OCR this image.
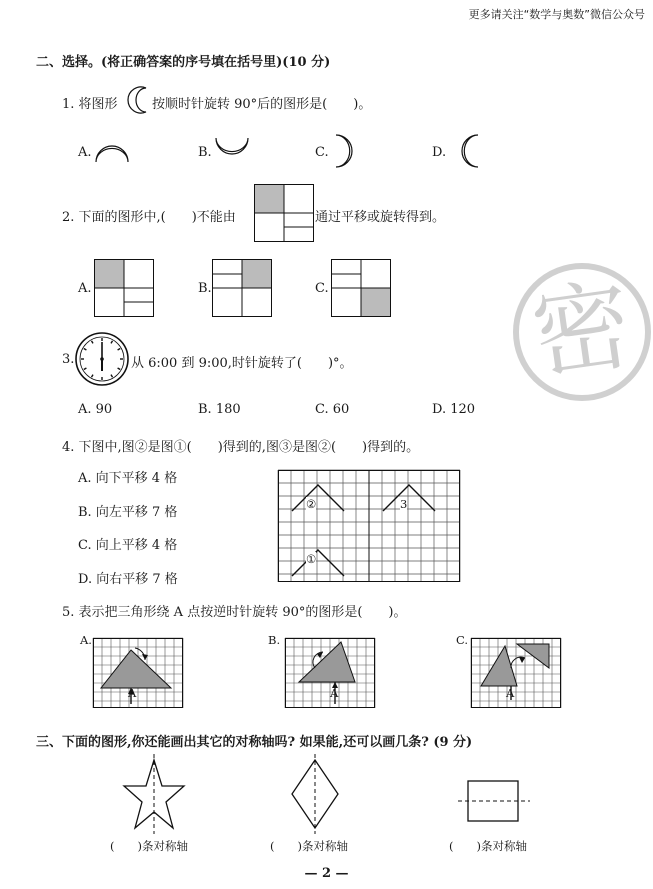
更多请关注“数学与奥数”微信公众号
密
二、选择。(将正确答案的序号填在括号里)(10 分)
1. 将图形	按顺时针旋转 90°后的图形是(　　)。
A.	B.	C.	D.
2. 下面的图形中,(　　)不能由	通过平移或旋转得到。
A.	B.	C.
3.	从 6:00 到 9:00,时针旋转了(　　)°。
A. 90	B. 180	C. 60	D. 120
4. 下图中,图②是图①(　　)得到的,图③是图②(　　)得到的。
A. 向下平移 4 格
B. 向左平移 7 格
C. 向上平移 4 格
D. 向右平移 7 格
②	3
①
5. 表示把三角形绕 A 点按逆时针旋转 90°的图形是(　　)。
A.
A
B.
A
C.
A
三、下面的图形,你还能画出其它的对称轴吗? 如果能,还可以画几条? (9 分)
(　　)条对称轴	(　　)条对称轴	(　　)条对称轴
— 2 —
